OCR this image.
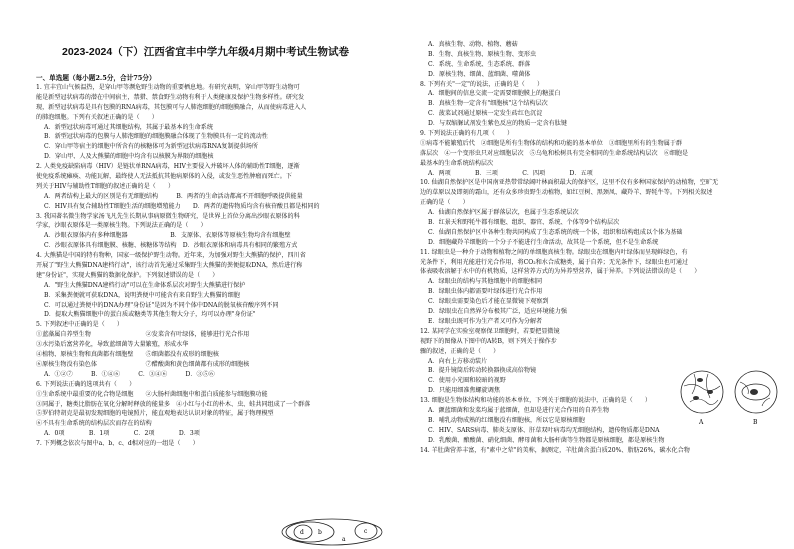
2023-2024（下）江西省宜丰中学九年级4月期中考试生物试卷
一、单选题（每小题2.5分，合计75分）
1. 宜丰宜山气候温热，是穿山甲等濒危野生动物的重要栖息地。有研究表明，穿山甲等野生动物可
能是新型冠状病毒的潜在中间宿主，禁猎、禁食野生动物有利于人类健康及保护生物多样性。研究发
现，新型冠状病毒是具有包膜的RNA病毒，其包膜可与人肺泡细胞的细胞膜融合，从而使病毒进入人
的肺泡细胞。下列有关叙述正确的是（　　）
A．新型冠状病毒可通过其细胞结构，其属于最基本的生命系统
B．新型冠状病毒的包膜与人肺泡细胞的细胞膜融合体现了生物膜具有一定的流动性
C．穿山甲等宿主的细胞中所含有的核糖体可为新型冠状病毒RNA复制提供场所
D．穿山甲、人及大熊猫的细胞中均含有以核膜为界限的细胞核
2. 人类免疫缺陷病毒（HIV）是链状单RNA病毒，HIV主要侵入并破坏人体的辅助性T细胞，逐渐
使免疫系统瘫痪、功能瓦解，最终使人无法抵抗其他病原体的入侵，或发生恶性肿瘤而死亡。下
列关于HIV与辅助性T细胞的叙述正确的是（　　）
A．两者结构上最大的区别是有无细胞结构　　　B．两者的生命活动都离不开细胞呼吸提供能量
C．HIV具有复合辅助性T细胞生活的细胞增殖能力　　D．两者的遗传物质均含有核苷酸且都是相同的
3. 我国著名微生物学家汤飞凡先生长期从事病原微生物研究，是世界上首位分离出沙眼衣原体的科
学家，沙眼衣原体是一类原核生物。下列说法正确的是（　　）
A．沙眼衣原体内有多种细胞器　　　　　　　B．支原体、衣原体等原核生物均含有细胞壁
C．沙眼衣原体具有细胞膜、核糖、核糖体等结构　D．沙眼衣原体和病毒具有相同的繁殖方式
4. 大熊猫是中国的特有物种，国家一级保护野生动物。近年来，为加强对野生大熊猫的保护，四川省
开展了"野生大熊猫DNA建档行动"，该行动首先通过采集野生大熊猫的粪便提取DNA，然后进行称
建"身份证"，实现大熊猫的数据化保护。下列叙述错误的是（　　）
A．"野生大熊猫DNA建档行动"可以在生命体系层次对野生大熊猫进行保护
B．采集粪便就可获取DNA，说明粪便中可能含有来自野生大熊猫的细胞
C．可以通过粪便中的DNA办理"身份证"是因为不同个体中DNA的脱氧核苷酸序列不同
D．提取大熊猫细胞中的蛋白质或糖类等其他生物大分子，均可以办理"身份证"
5. 下列叙述中正确的是（　　）
①蓝藻属自养型生物　　　　　　　　　②发菜含有叶绿体，能够进行光合作用
③水污染后富营养化，导致蓝细菌等大量繁殖，形成水华
④植物、原核生物和真菌都有细胞壁　　⑤细菌都没有成形的细胞核
⑥原核生物没有染色体　　　　　　　　⑦醋酸菌和黄色细菌都有成形的细胞核
A．①②⑦　　　B．①④⑥　　　C．③④⑥　　　D．③⑤⑥
6. 下列说法正确的选项共有（　　）
①生命系统中最重要的化合物是细胞　　②大肠杆菌细胞中和蛋白质能参与细胞膜功能
③同属于，糖类比脂肪在氧化分解时释放的能量多　④小红与小红的朴木、虫、蛙共同组成了一个群落
⑤罗伯特胡克是最初发现细胞的电镜照片，能直观地表达认识对象的特征，属于物理模型
⑥不具有生命系统的结构层次而存在的结构
A．0项　　　　B．1项　　　　C．2项　　　　D．3项
7. 下列概念依次与图中a、b、c、d相对应的一组是（　　）
d b
a
c
A．真核生物、动物、植物、蘑菇
B．生物、真核生物、原核生物、变形虫
C．系统、生命系统、生态系统、群落
D．原核生物、细菌、蓝细菌、噬菌体
8. 下列有关"一定"的说法，正确的是（　　）
A．细胞间的信息交流一定需要细胞膜上的糖蛋白
B．真核生物一定含有"细胞核"这个结构层次
C．菠菜试剂通过原核一定发生砖红色沉淀
D．与双缩脲试剂发生紫色反应的物质一定含有肽键
9. 下列说法正确的有几项（　　）
①病毒不能繁殖后代　②细胞是所有生物体的结构和功能的基本单位　③细胞里所有的生物属于群
落层次　④一个变形虫只对应细胞层次　⑤乌龟和松树具有完全相同的生命系统结构层次　⑥细胞是
最基本的生命系统结构层次
A．两项　　　　B．三项　　　　C．四项　　　　D．五项
10. 仙湖自然保护区是中国南亚热带常绿阔叶林面积最大的保护区，这里不仅有多种国家保护的动植物，空旷无
边的草原以及即刻的霜山，还有众多珍贵野生动植物，如红豆树、黑颈凤、藏羚羊、野牦牛等。下列相关叙述
正确的是（　　）
A．仙湖自然保护区属于群落层次，也属于生态系统层次
B．红景天和野牦牛都有细胞、组织、器官、系统、个体等9个结构层次
C．仙湖自然保护区中各种生物共同构成了生态系统的统一个体，组织和结构组成以个体为基础
D．细胞藏羚羊细胞的一个分子不能进行生命活动，故其是一个系统，但不是生命系统
11. 绿眼虫是一种介于动物和植物之间的单细胞真核生物。绿眼虫在细胞内叶绿体而呈现鲜绿色，有
光条件下，利用光能进行光合作用，将CO₂和水合成糖类，属于自养；无光条件下，绿眼虫也可通过
体表吸收溶解于水中的有机物质，这样营养方式的为异养型营养，属于异养。下列说法错误的是（　　）
A．绿眼虫的结构与其他细胞中的细胞相同
B．绿眼虫体内都需要叶绿体进行光合作用
C．绿眼虫需要染色后才能在显微镜下观察到
D．绿眼虫在自然界分布极其广泛，适应环境能力强
E．绿眼虫既可作为生产者又可作为分解者
12. 某同学在实验室观察保卫细胞时，若要把显微镜
视野下的图像从下图中的A转B，则下列关于操作步
骤的叙述，正确的是（　　）
A．向右上方移动装片
B．提升镜筒后转动转换器换成高倍物镜
C．使用小光圈和较暗的视野
D．只能用细准焦螺旋调焦
13. 细胞是生物体结构和功能的基本单位，下列关于细胞的说法中，正确的是（　　）
A．颤蓝细菌和发菜均属于蓝细菌，但却是进行光合作用的自养生物
B．哺乳动物成熟的红细胞没有细胞核，所以它是原核细胞
C．HIV、SARS病毒、肺炎支原体、肝草双叶病毒均无细胞结构，遗传物质都是DNA
D．乳酸菌、酿酸菌、硝化细菌、酵母菌和大肠杆菌等生物都是原核细胞，都是原核生物
14. 羊肚菌营养丰富，有"素中之荤"的美称，据测定，羊肚菌含蛋白质20%、脂肪26%，碳水化合物
A	B
